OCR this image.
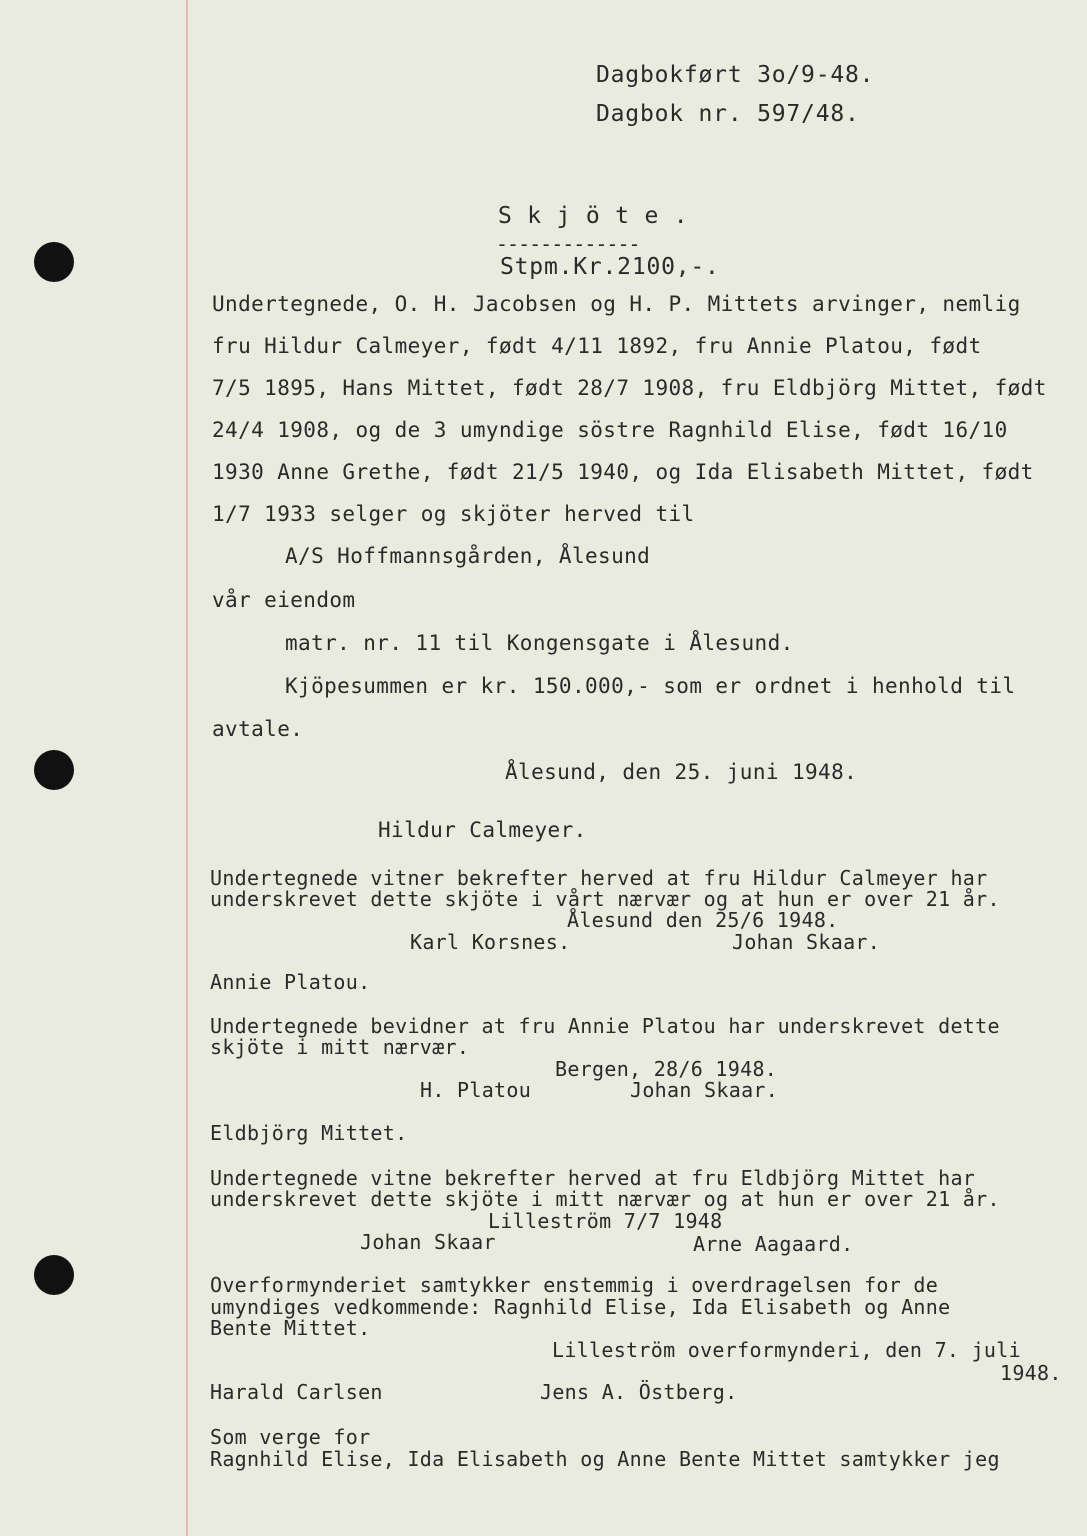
Dagbokført 3o/9-48.
Dagbok nr. 597/48.
S k j ö t e .
-------------
Stpm.Kr.2100,-.
Undertegnede, O. H. Jacobsen og H. P. Mittets arvinger, nemlig
fru Hildur Calmeyer, født 4/11 1892, fru Annie Platou, født
7/5 1895, Hans Mittet, født 28/7 1908, fru Eldbjörg Mittet, født
24/4 1908, og de 3 umyndige söstre Ragnhild Elise, født 16/10
1930 Anne Grethe, født 21/5 1940, og Ida Elisabeth Mittet, født
1/7 1933 selger og skjöter herved til
A/S Hoffmannsgården, Ålesund
vår eiendom
matr. nr. 11 til Kongensgate i Ålesund.
Kjöpesummen er kr. 150.000,- som er ordnet i henhold til
avtale.
Ålesund, den 25. juni 1948.
Hildur Calmeyer.
Undertegnede vitner bekrefter herved at fru Hildur Calmeyer har
underskrevet dette skjöte i vårt nærvær og at hun er over 21 år.
Ålesund den 25/6 1948.
Karl Korsnes.	Johan Skaar.
Annie Platou.
Undertegnede bevidner at fru Annie Platou har underskrevet dette
skjöte i mitt nærvær.
Bergen, 28/6 1948.
H. Platou	Johan Skaar.
Eldbjörg Mittet.
Undertegnede vitne bekrefter herved at fru Eldbjörg Mittet har
underskrevet dette skjöte i mitt nærvær og at hun er over 21 år.
Lilleström 7/7 1948
Johan Skaar	Arne Aagaard.
Overformynderiet samtykker enstemmig i overdragelsen for de
umyndiges vedkommende: Ragnhild Elise, Ida Elisabeth og Anne
Bente Mittet.
Lilleström overformynderi, den 7. juli
1948.
Harald Carlsen	Jens A. Östberg.
Som verge for
Ragnhild Elise, Ida Elisabeth og Anne Bente Mittet samtykker jeg
